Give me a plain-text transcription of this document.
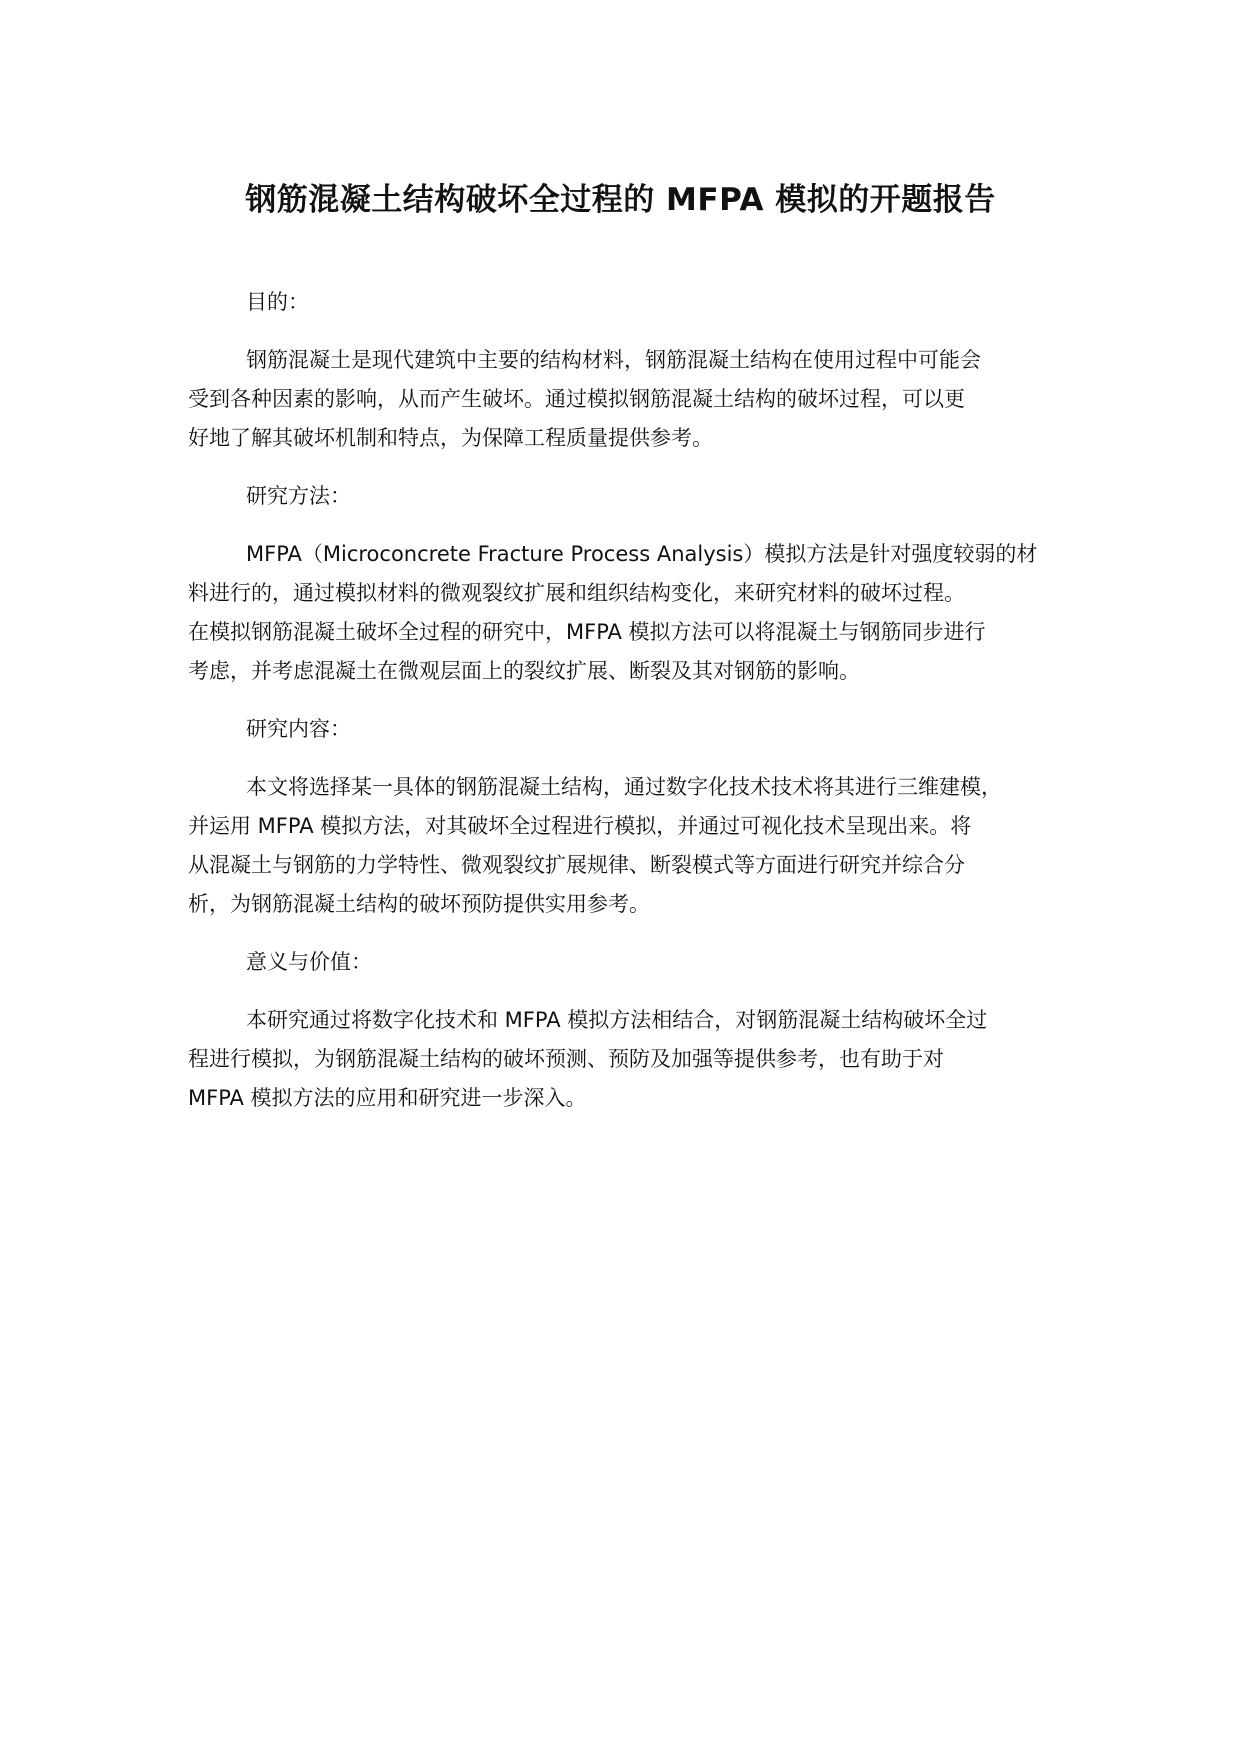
钢筋混凝土结构破坏全过程的 MFPA 模拟的开题报告

目的：

钢筋混凝土是现代建筑中主要的结构材料，钢筋混凝土结构在使用过程中可能会
受到各种因素的影响，从而产生破坏。通过模拟钢筋混凝土结构的破坏过程，可以更
好地了解其破坏机制和特点，为保障工程质量提供参考。

研究方法：

MFPA（Microconcrete Fracture Process Analysis）模拟方法是针对强度较弱的材
料进行的，通过模拟材料的微观裂纹扩展和组织结构变化，来研究材料的破坏过程。
在模拟钢筋混凝土破坏全过程的研究中，MFPA 模拟方法可以将混凝土与钢筋同步进行
考虑，并考虑混凝土在微观层面上的裂纹扩展、断裂及其对钢筋的影响。

研究内容：

本文将选择某一具体的钢筋混凝土结构，通过数字化技术技术将其进行三维建模，
并运用 MFPA 模拟方法，对其破坏全过程进行模拟，并通过可视化技术呈现出来。将
从混凝土与钢筋的力学特性、微观裂纹扩展规律、断裂模式等方面进行研究并综合分
析，为钢筋混凝土结构的破坏预防提供实用参考。

意义与价值：

本研究通过将数字化技术和 MFPA 模拟方法相结合，对钢筋混凝土结构破坏全过
程进行模拟，为钢筋混凝土结构的破坏预测、预防及加强等提供参考，也有助于对
MFPA 模拟方法的应用和研究进一步深入。
